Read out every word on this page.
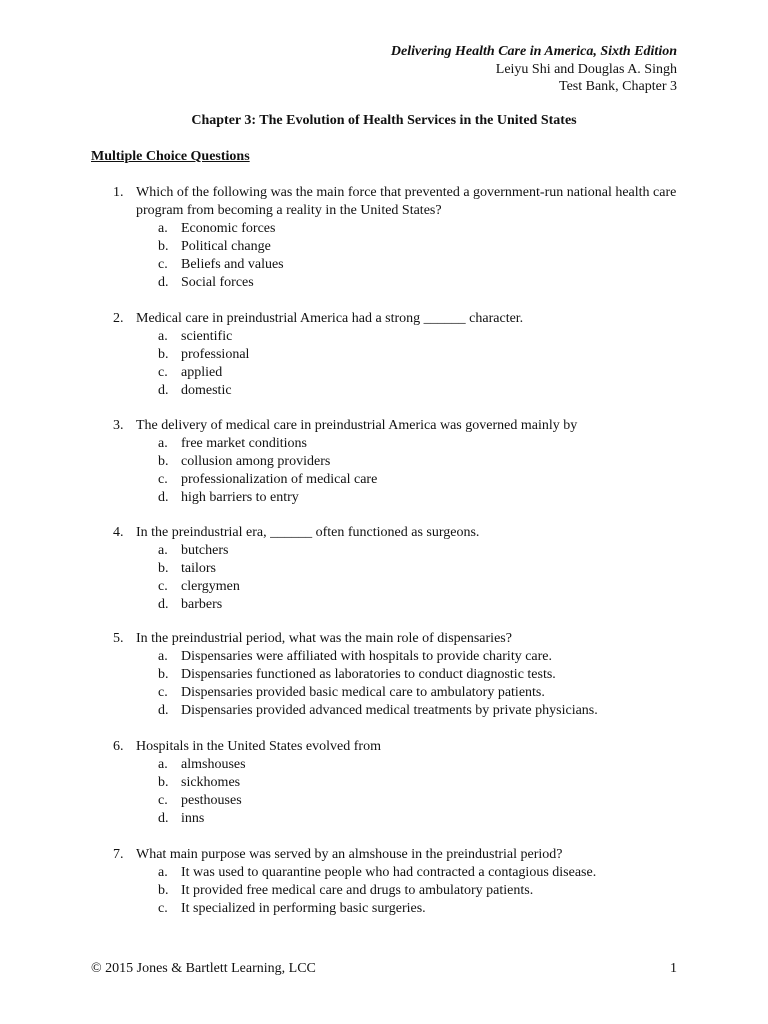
Delivering Health Care in America, Sixth Edition
Leiyu Shi and Douglas A. Singh
Test Bank, Chapter 3
Chapter 3: The Evolution of Health Services in the United States
Multiple Choice Questions
1. Which of the following was the main force that prevented a government-run national health care program from becoming a reality in the United States?
a. Economic forces
b. Political change
c. Beliefs and values
d. Social forces
2. Medical care in preindustrial America had a strong ______ character.
a. scientific
b. professional
c. applied
d. domestic
3. The delivery of medical care in preindustrial America was governed mainly by
a. free market conditions
b. collusion among providers
c. professionalization of medical care
d. high barriers to entry
4. In the preindustrial era, ______ often functioned as surgeons.
a. butchers
b. tailors
c. clergymen
d. barbers
5. In the preindustrial period, what was the main role of dispensaries?
a. Dispensaries were affiliated with hospitals to provide charity care.
b. Dispensaries functioned as laboratories to conduct diagnostic tests.
c. Dispensaries provided basic medical care to ambulatory patients.
d. Dispensaries provided advanced medical treatments by private physicians.
6. Hospitals in the United States evolved from
a. almshouses
b. sickhomes
c. pesthouses
d. inns
7. What main purpose was served by an almshouse in the preindustrial period?
a. It was used to quarantine people who had contracted a contagious disease.
b. It provided free medical care and drugs to ambulatory patients.
c. It specialized in performing basic surgeries.
© 2015 Jones & Bartlett Learning, LCC	1
